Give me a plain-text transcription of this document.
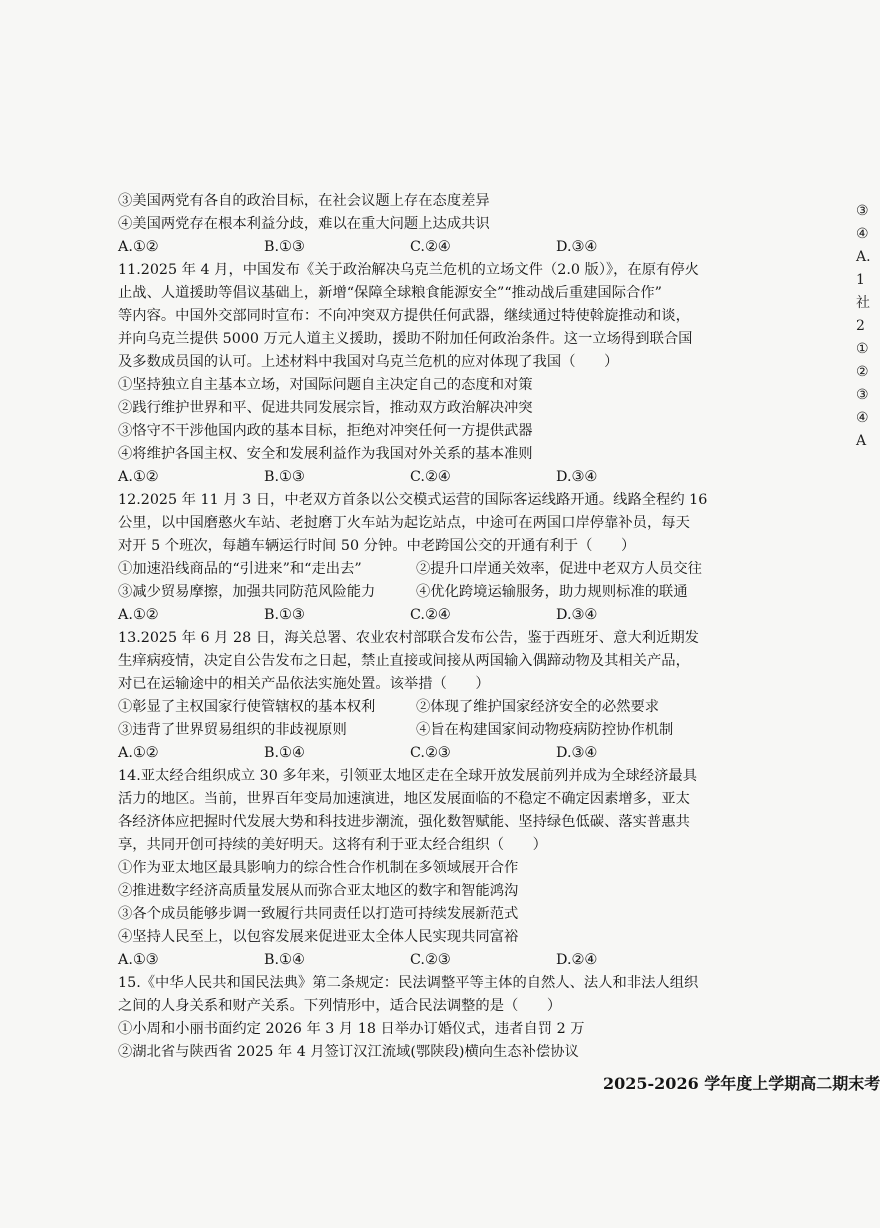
③美国两党有各自的政治目标，在社会议题上存在态度差异
④美国两党存在根本利益分歧，难以在重大问题上达成共识
A.①②	B.①③	C.②④	D.③④
11.2025 年 4 月，中国发布《关于政治解决乌克兰危机的立场文件（2.0 版）》，在原有停火
止战、人道援助等倡议基础上，新增“保障全球粮食能源安全”“推动战后重建国际合作”
等内容。中国外交部同时宣布：不向冲突双方提供任何武器，继续通过特使斡旋推动和谈，
并向乌克兰提供 5000 万元人道主义援助，援助不附加任何政治条件。这一立场得到联合国
及多数成员国的认可。上述材料中我国对乌克兰危机的应对体现了我国（　　）
①坚持独立自主基本立场，对国际问题自主决定自己的态度和对策
②践行维护世界和平、促进共同发展宗旨，推动双方政治解决冲突
③恪守不干涉他国内政的基本目标，拒绝对冲突任何一方提供武器
④将维护各国主权、安全和发展利益作为我国对外关系的基本准则
A.①②	B.①③	C.②④	D.③④
12.2025 年 11 月 3 日，中老双方首条以公交模式运营的国际客运线路开通。线路全程约 16
公里，以中国磨憨火车站、老挝磨丁火车站为起讫站点，中途可在两国口岸停靠补员，每天
对开 5 个班次，每趟车辆运行时间 50 分钟。中老跨国公交的开通有利于（　　）
①加速沿线商品的“引进来”和“走出去”	②提升口岸通关效率，促进中老双方人员交往
③减少贸易摩擦，加强共同防范风险能力	④优化跨境运输服务，助力规则标准的联通
A.①②	B.①③	C.②④	D.③④
13.2025 年 6 月 28 日，海关总署、农业农村部联合发布公告，鉴于西班牙、意大利近期发
生痒病疫情，决定自公告发布之日起，禁止直接或间接从两国输入偶蹄动物及其相关产品，
对已在运输途中的相关产品依法实施处置。该举措（　　）
①彰显了主权国家行使管辖权的基本权利	②体现了维护国家经济安全的必然要求
③违背了世界贸易组织的非歧视原则	④旨在构建国家间动物疫病防控协作机制
A.①②	B.①④	C.②③	D.③④
14.亚太经合组织成立 30 多年来，引领亚太地区走在全球开放发展前列并成为全球经济最具
活力的地区。当前，世界百年变局加速演进，地区发展面临的不稳定不确定因素增多，亚太
各经济体应把握时代发展大势和科技进步潮流，强化数智赋能、坚持绿色低碳、落实普惠共
享，共同开创可持续的美好明天。这将有利于亚太经合组织（　　）
①作为亚太地区最具影响力的综合性合作机制在多领域展开合作
②推进数字经济高质量发展从而弥合亚太地区的数字和智能鸿沟
③各个成员能够步调一致履行共同责任以打造可持续发展新范式
④坚持人民至上，以包容发展来促进亚太全体人民实现共同富裕
A.①③	B.①④	C.②③	D.②④
15.《中华人民共和国民法典》第二条规定：民法调整平等主体的自然人、法人和非法人组织
之间的人身关系和财产关系。下列情形中，适合民法调整的是（　　）
①小周和小丽书面约定 2026 年 3 月 18 日举办订婚仪式，违者自罚 2 万
②湖北省与陕西省 2025 年 4 月签订汉江流域(鄂陕段)横向生态补偿协议
③
④
A.
1
社
2
①
②
③
④
A
2025-2026 学年度上学期高二期末考
